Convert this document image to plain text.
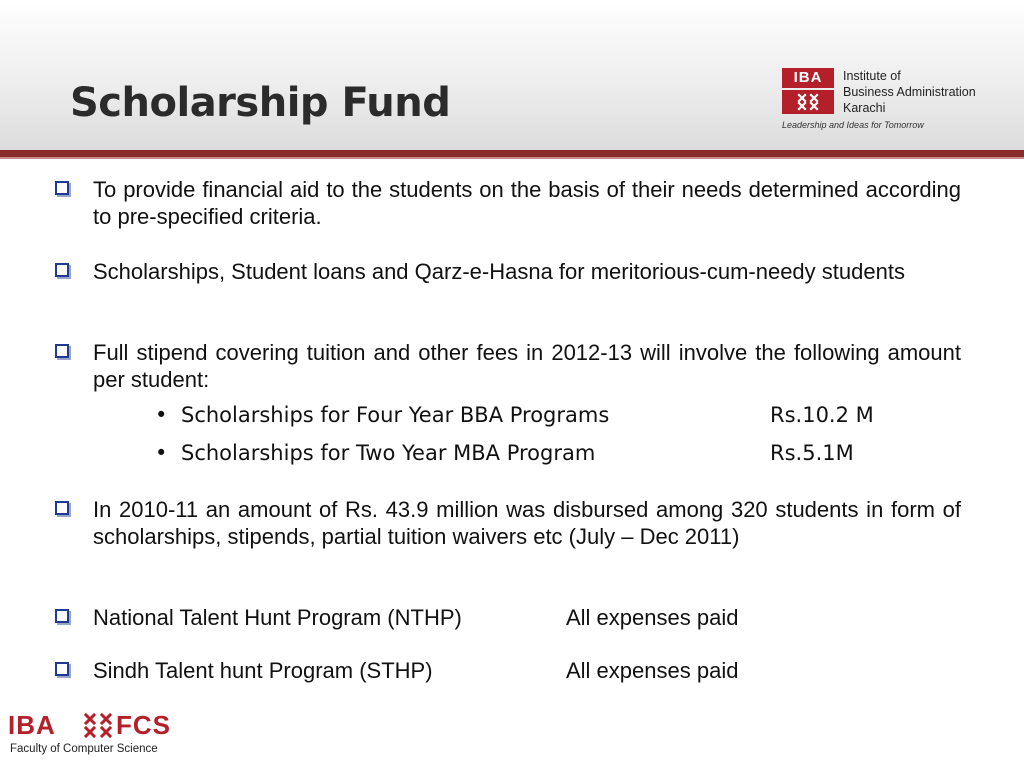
Scholarship Fund
IBA	Institute of
Business Administration
Karachi
Leadership and Ideas for Tomorrow
To provide financial aid to the students on the basis of their needs determined according to pre-specified criteria.
Scholarships, Student loans and Qarz-e-Hasna for meritorious-cum-needy students
Full stipend covering tuition and other fees in 2012-13 will involve the following amount per student:
• Scholarships for Four Year BBA Programs	Rs.10.2 M
• Scholarships for Two Year MBA Program	Rs.5.1M
In 2010-11 an amount of Rs. 43.9 million was disbursed among 320 students in form of scholarships, stipends, partial tuition waivers etc (July – Dec 2011)
National Talent Hunt Program (NTHP)	All expenses paid
Sindh Talent hunt Program (STHP)	All expenses paid
IBA FCS
Faculty of Computer Science
